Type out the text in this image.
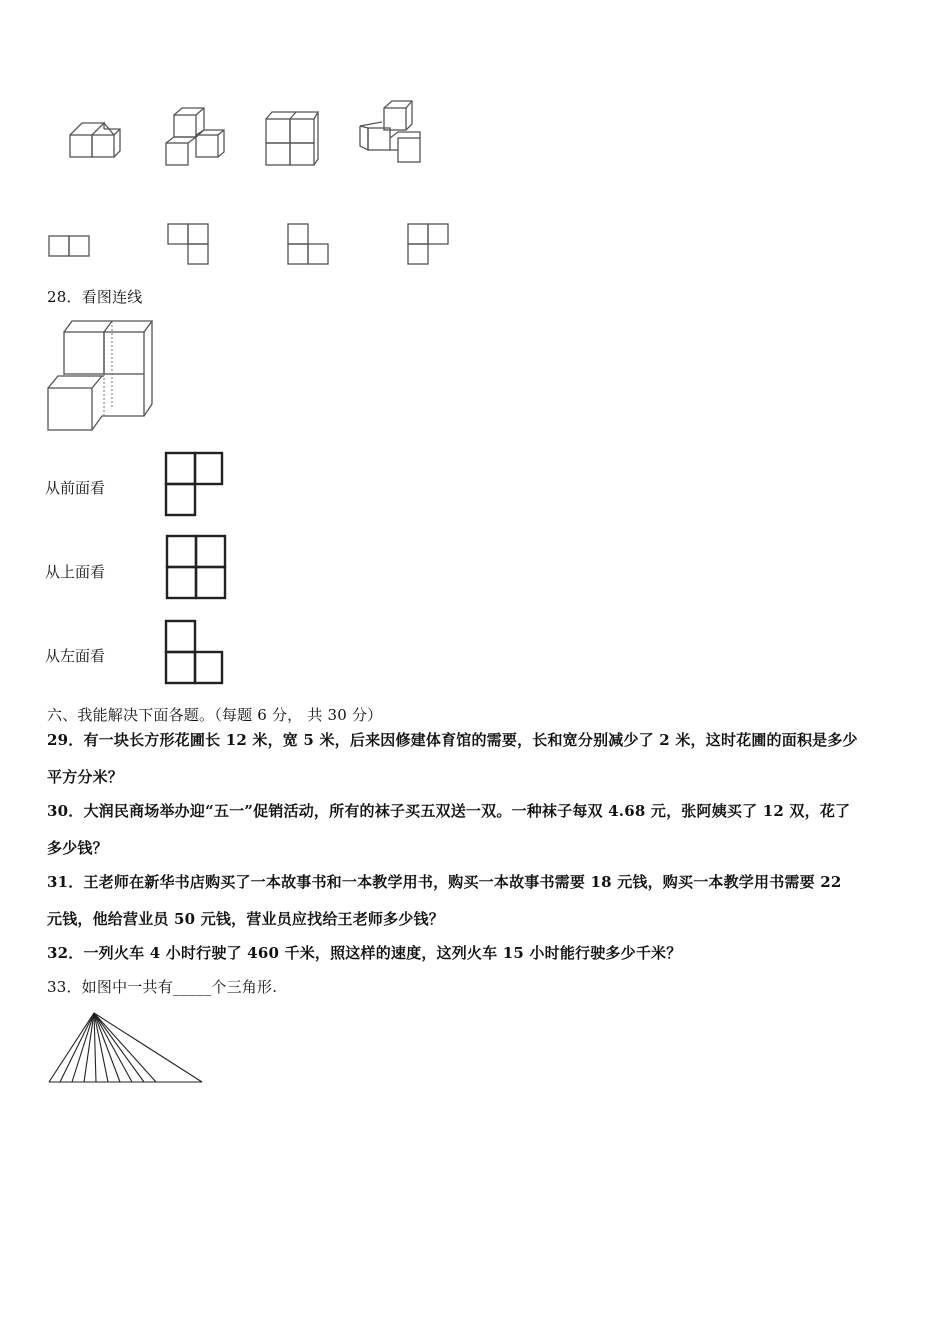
28．看图连线
从前面看
从上面看
从左面看
六、我能解决下面各题。（每题 6 分， 共 30 分）
29．有一块长方形花圃长 12 米，宽 5 米，后来因修建体育馆的需要，长和宽分别减少了 2 米，这时花圃的面积是多少
平方分米？
30．大润民商场举办迎“五一”促销活动，所有的袜子买五双送一双。一种袜子每双 4.68 元，张阿姨买了 12 双，花了
多少钱？
31．王老师在新华书店购买了一本故事书和一本教学用书，购买一本故事书需要 18 元钱，购买一本教学用书需要 22
元钱，他给营业员 50 元钱，营业员应找给王老师多少钱？
32．一列火车 4 小时行驶了 460 千米，照这样的速度，这列火车 15 小时能行驶多少千米？
33．如图中一共有_____个三角形.
